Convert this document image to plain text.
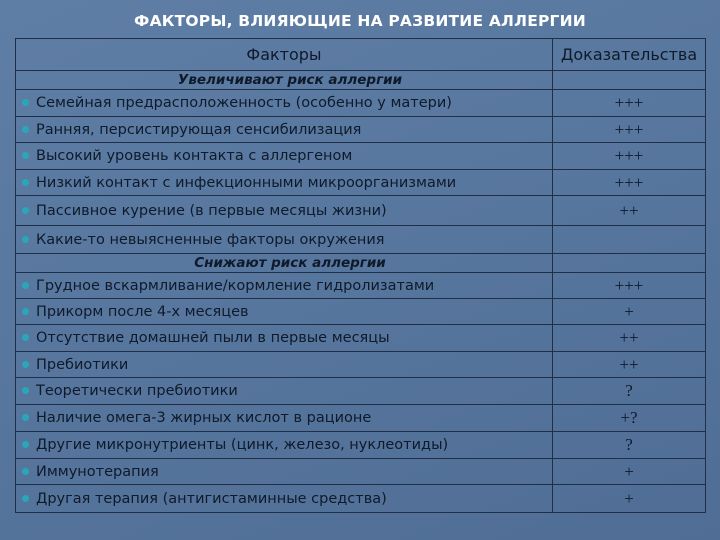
ФАКТОРЫ, ВЛИЯЮЩИЕ НА РАЗВИТИЕ АЛЛЕРГИИ
Факторы	Доказательства
Увеличивают риск аллергии	
Семейная предрасположенность (особенно у матери)	+++
Ранняя, персистирующая сенсибилизация	+++
Высокий уровень контакта с аллергеном	+++
Низкий контакт с инфекционными микроорганизмами	+++
Пассивное курение (в первые месяцы жизни)	++
Какие-то невыясненные факторы окружения	
Снижают риск аллергии	
Грудное вскармливание/кормление гидролизатами	+++
Прикорм после 4-х месяцев	+
Отсутствие домашней пыли в первые месяцы	++
Пребиотики	++
Теоретически пребиотики	?
Наличие омега-3 жирных кислот в рационе	+?
Другие микронутриенты (цинк, железо, нуклеотиды)	?
Иммунотерапия	+
Другая терапия (антигистаминные средства)	+
